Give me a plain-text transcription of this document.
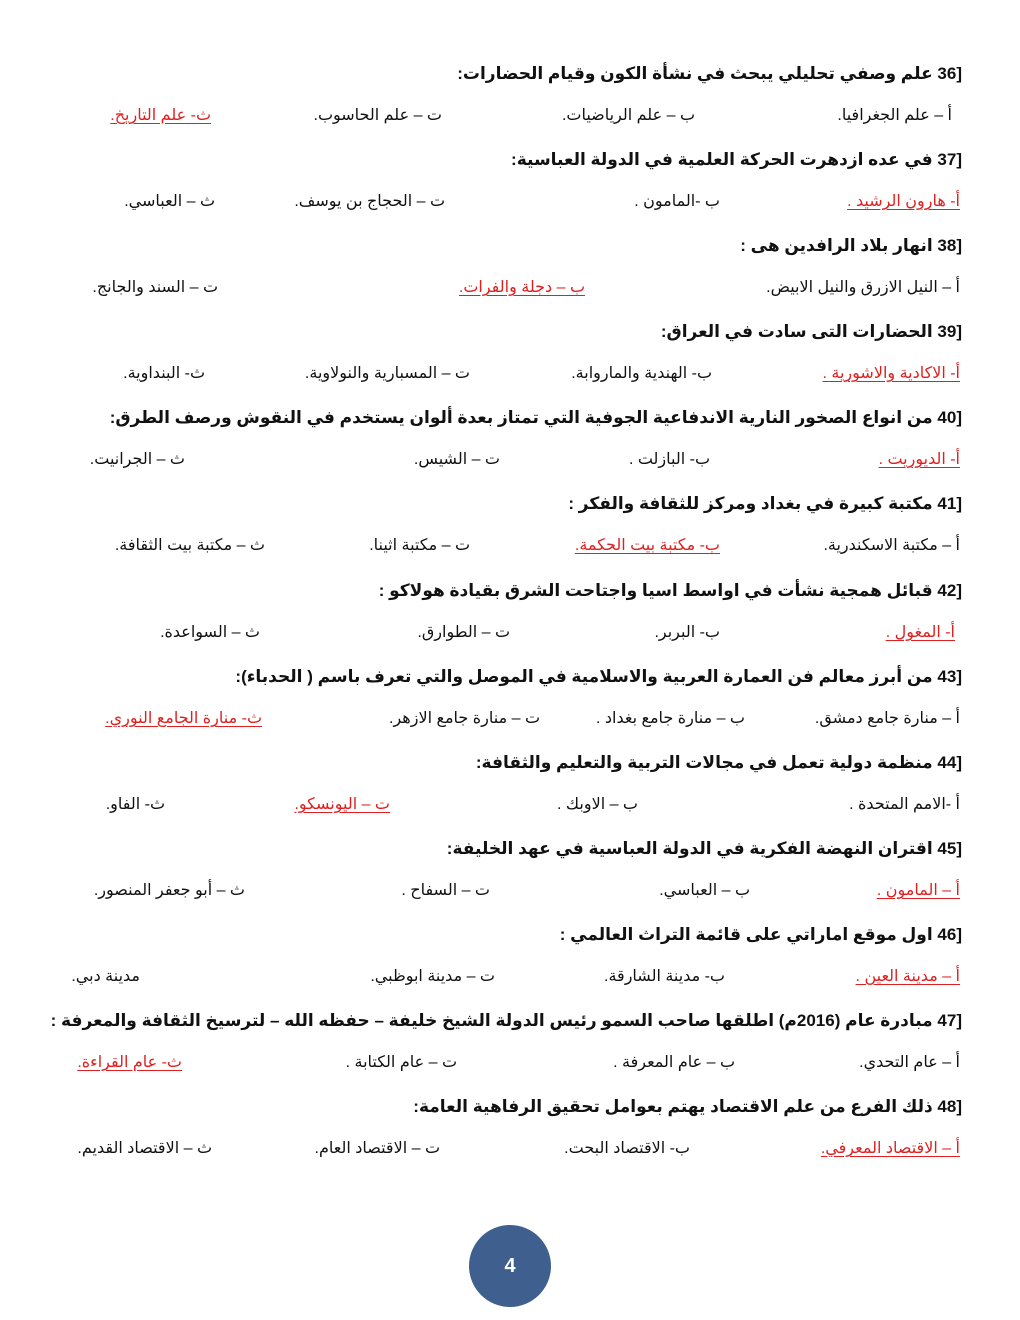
36] علم وصفي تحليلي يبحث في نشأة الكون وقيام الحضارات:
أ – علم الجغرافيا.
ب – علم الرياضيات.
ت – علم الحاسوب.
ث- علم التاريخ.
37] في عده ازدهرت الحركة العلمية في الدولة العباسية:
أ- هارون الرشيد .
ب -المامون .
ت – الحجاج بن يوسف.
ث – العباسي.
38] انهار بلاد الرافدين هى :
أ – النيل الازرق والنيل الابيض.
ب – دجلة والفرات.
ت – السند والجانج.
39] الحضارات التى سادت في العراق:
أ- الاكادية والاشورية .
ب- الهندية والماروابة.
ت – المسبارية والنولاوية.
ث- البنداوية.
40] من انواع الصخور النارية الاندفاعية الجوفية التي تمتاز بعدة ألوان يستخدم في النقوش ورصف الطرق:
أ- الديوريت .
ب- البازلت .
ت – الشيس.
ث – الجرانيت.
41] مكتبة كبيرة في بغداد ومركز للثقافة والفكر :
أ – مكتبة الاسكندرية.
ب- مكتبة بيت الحكمة.
ت – مكتبة اثينا.
ث – مكتبة بيت الثقافة.
42] قبائل همجية نشأت في اواسط اسيا واجتاحت الشرق بقيادة هولاكو :
أ- المغول .
ب- البربر.
ت – الطوارق.
ث – السواعدة.
43] من أبرز معالم فن العمارة العربية والاسلامية في الموصل والتي تعرف باسم ( الحدباء):
أ – منارة جامع دمشق.
ب – منارة جامع بغداد .
ت – منارة جامع الازهر.
ث- منارة الجامع النوري.
44] منظمة دولية تعمل في مجالات التربية والتعليم والثقافة:
أ -الامم المتحدة .
ب – الاوبك .
ت – اليونسكو.
ث- الفاو.
45] اقتران النهضة الفكرية في الدولة العباسية في عهد الخليفة:
أ – المامون .
ب – العباسي.
ت – السفاح .
ث – أبو جعفر المنصور.
46] اول موقع اماراتي على قائمة التراث العالمي :
أ – مدينة العين .
ب- مدينة الشارقة.
ت – مدينة ابوظبي.
مدينة دبي.
47] مبادرة عام (2016م) اطلقها صاحب السمو رئيس الدولة الشيخ خليفة – حفظه الله – لترسيخ الثقافة والمعرفة :
أ – عام التحدي.
ب – عام المعرفة .
ت – عام الكتابة .
ث- عام القراءة.
48] ذلك الفرع من علم الاقتصاد يهتم بعوامل تحقيق الرفاهية العامة:
أ – الاقتصاد المعرفي.
ب- الاقتصاد البحت.
ت – الاقتصاد العام.
ث – الاقتصاد القديم.
4
